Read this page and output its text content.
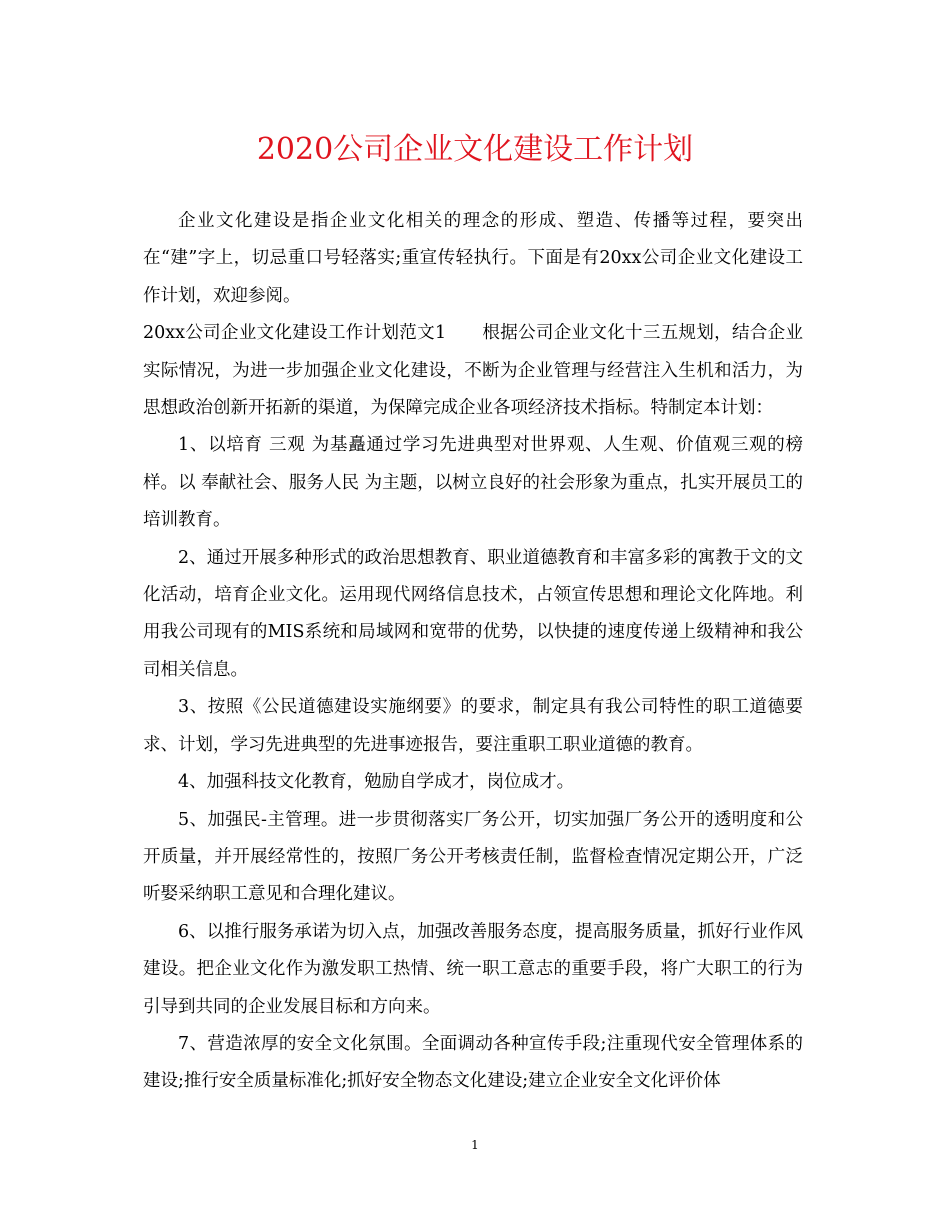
2020公司企业文化建设工作计划

企业文化建设是指企业文化相关的理念的形成、塑造、传播等过程，要突出在“建”字上，切忌重口号轻落实;重宣传轻执行。下面是有20xx公司企业文化建设工作计划，欢迎参阅。

20xx公司企业文化建设工作计划范文1 根据公司企业文化十三五规划，结合企业实际情况，为进一步加强企业文化建设，不断为企业管理与经营注入生机和活力，为思想政治创新开拓新的渠道，为保障完成企业各项经济技术指标。特制定本计划：

1、以培育 三观 为基矗通过学习先进典型对世界观、人生观、价值观三观的榜样。以 奉献社会、服务人民 为主题，以树立良好的社会形象为重点，扎实开展员工的培训教育。

2、通过开展多种形式的政治思想教育、职业道德教育和丰富多彩的寓教于文的文化活动，培育企业文化。运用现代网络信息技术，占领宣传思想和理论文化阵地。利用我公司现有的MIS系统和局域网和宽带的优势，以快捷的速度传递上级精神和我公司相关信息。

3、按照《公民道德建设实施纲要》的要求，制定具有我公司特性的职工道德要求、计划，学习先进典型的先进事迹报告，要注重职工职业道德的教育。

4、加强科技文化教育，勉励自学成才，岗位成才。

5、加强民-主管理。进一步贯彻落实厂务公开，切实加强厂务公开的透明度和公开质量，并开展经常性的，按照厂务公开考核责任制，监督检查情况定期公开，广泛听娶采纳职工意见和合理化建议。

6、以推行服务承诺为切入点，加强改善服务态度，提高服务质量，抓好行业作风建设。把企业文化作为激发职工热情、统一职工意志的重要手段，将广大职工的行为引导到共同的企业发展目标和方向来。

7、营造浓厚的安全文化氛围。全面调动各种宣传手段;注重现代安全管理体系的建设;推行安全质量标准化;抓好安全物态文化建设;建立企业安全文化评价体

1
